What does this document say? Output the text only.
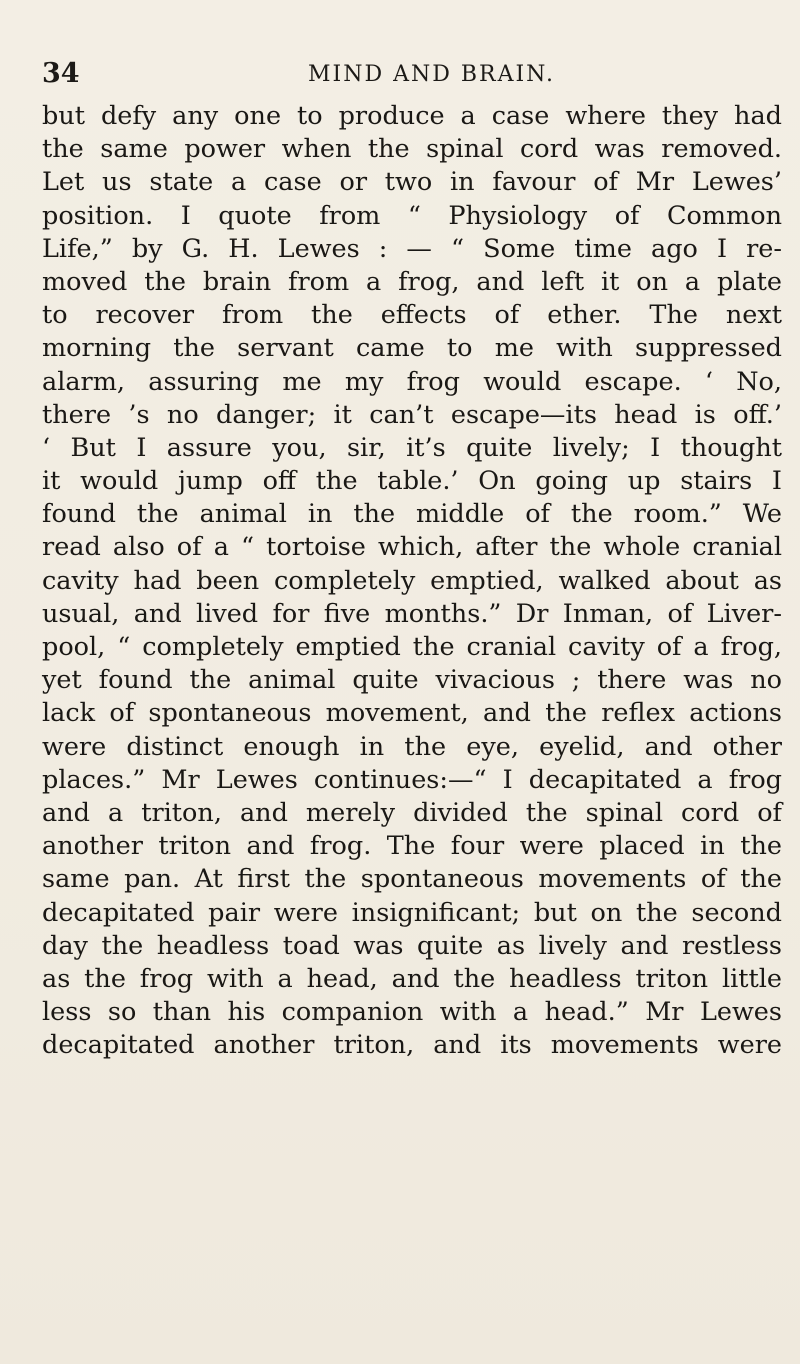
34	MIND AND BRAIN.
but defy any one to produce a case where they had
the same power when the spinal cord was removed.
Let us state a case or two in favour of Mr Lewes’
position. I quote from “ Physiology of Common
Life,” by G. H. Lewes : — “ Some time ago I re-
moved the brain from a frog, and left it on a plate
to recover from the effects of ether. The next
morning the servant came to me with suppressed
alarm, assuring me my frog would escape. ‘ No,
there ’s no danger; it can’t escape—its head is off.’
‘ But I assure you, sir, it’s quite lively; I thought
it would jump off the table.’ On going up stairs I
found the animal in the middle of the room.” We
read also of a “ tortoise which, after the whole cranial
cavity had been completely emptied, walked about as
usual, and lived for five months.” Dr Inman, of Liver-
pool, “ completely emptied the cranial cavity of a frog,
yet found the animal quite vivacious ; there was no
lack of spontaneous movement, and the reflex actions
were distinct enough in the eye, eyelid, and other
places.” Mr Lewes continues:—“ I decapitated a frog
and a triton, and merely divided the spinal cord of
another triton and frog. The four were placed in the
same pan. At first the spontaneous movements of the
decapitated pair were insignificant; but on the second
day the headless toad was quite as lively and restless
as the frog with a head, and the headless triton little
less so than his companion with a head.” Mr Lewes
decapitated another triton, and its movements were
